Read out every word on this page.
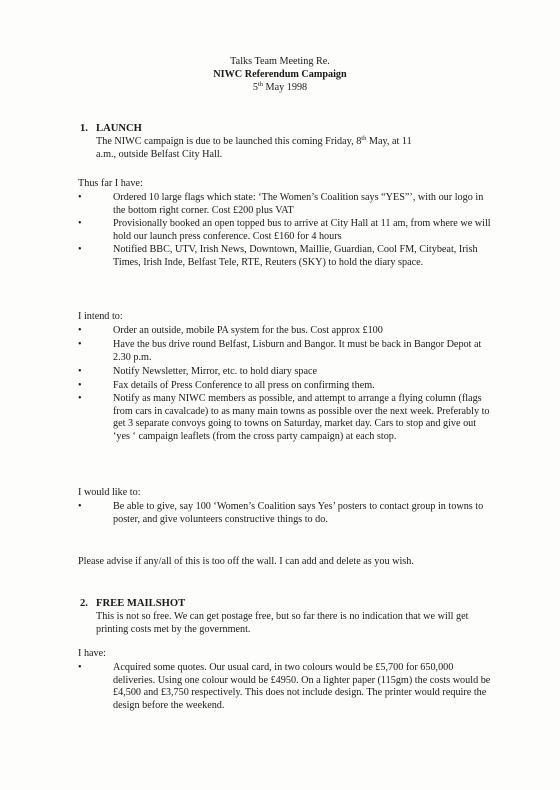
Talks Team Meeting Re.
NIWC Referendum Campaign
5th May 1998
1. LAUNCH
The NIWC campaign is due to be launched this coming Friday, 8th May, at 11
a.m., outside Belfast City Hall.
Thus far I have:
•	Ordered 10 large flags which state: ‘The Women’s Coalition says “YES”’, with our logo in the bottom right corner. Cost £200 plus VAT
•	Provisionally booked an open topped bus to arrive at City Hall at 11 am, from where we will hold our launch press conference. Cost £160 for 4 hours
•	Notified BBC, UTV, Irish News, Downtown, Maillie, Guardian, Cool FM, Citybeat, Irish Times, Irish Inde, Belfast Tele, RTE, Reuters (SKY) to hold the diary space.
I intend to:
•	Order an outside, mobile PA system for the bus. Cost approx £100
•	Have the bus drive round Belfast, Lisburn and Bangor. It must be back in Bangor Depot at 2.30 p.m.
•	Notify Newsletter, Mirror, etc. to hold diary space
•	Fax details of Press Conference to all press on confirming them.
•	Notify as many NIWC members as possible, and attempt to arrange a flying column (flags from cars in cavalcade) to as many main towns as possible over the next week. Preferably to get 3 separate convoys going to towns on Saturday, market day. Cars to stop and give out ‘yes ‘ campaign leaflets (from the cross party campaign) at each stop.
I would like to:
•	Be able to give, say 100 ‘Women’s Coalition says Yes’ posters to contact group in towns to poster, and give volunteers constructive things to do.
Please advise if any/all of this is too off the wall. I can add and delete as you wish.
2. FREE MAILSHOT
This is not so free. We can get postage free, but so far there is no indication that we will get printing costs met by the government.
I have:
•	Acquired some quotes. Our usual card, in two colours would be £5,700 for 650,000 deliveries. Using one colour would be £4950. On a lighter paper (115gm) the costs would be £4,500 and £3,750 respectively. This does not include design. The printer would require the design before the weekend.
